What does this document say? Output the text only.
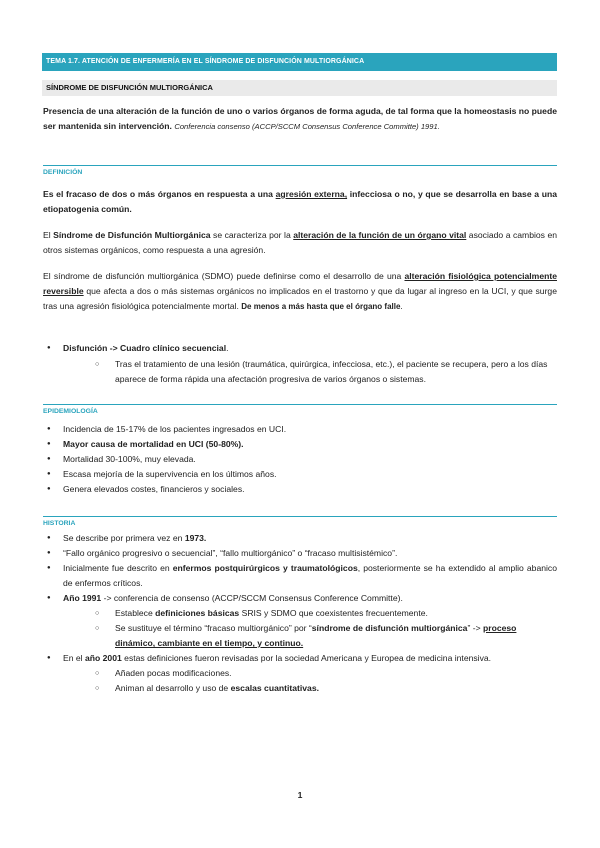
TEMA 1.7. ATENCIÓN DE ENFERMERÍA EN EL SÍNDROME DE DISFUNCIÓN MULTIORGÁNICA
SÍNDROME DE DISFUNCIÓN MULTIORGÁNICA
Presencia de una alteración de la función de uno o varios órganos de forma aguda, de tal forma que la homeostasis no puede ser mantenida sin intervención. Conferencia consenso (ACCP/SCCM Consensus Conference Committe) 1991.
DEFINICIÓN
Es el fracaso de dos o más órganos en respuesta a una agresión externa, infecciosa o no, y que se desarrolla en base a una etiopatogenia común.
El Síndrome de Disfunción Multiorgánica se caracteriza por la alteración de la función de un órgano vital asociado a cambios en otros sistemas orgánicos, como respuesta a una agresión.
El síndrome de disfunción multiorgánica (SDMO) puede definirse como el desarrollo de una alteración fisiológica potencialmente reversible que afecta a dos o más sistemas orgánicos no implicados en el trastorno y que da lugar al ingreso en la UCI, y que surge tras una agresión fisiológica potencialmente mortal. De menos a más hasta que el órgano falle.
● Disfunción -> Cuadro clínico secuencial.
○ Tras el tratamiento de una lesión (traumática, quirúrgica, infecciosa, etc.), el paciente se recupera, pero a los días aparece de forma rápida una afectación progresiva de varios órganos o sistemas.
EPIDEMIOLOGÍA
● Incidencia de 15-17% de los pacientes ingresados en UCI.
● Mayor causa de mortalidad en UCI (50-80%).
● Mortalidad 30-100%, muy elevada.
● Escasa mejoría de la supervivencia en los últimos años.
● Genera elevados costes, financieros y sociales.
HISTORIA
● Se describe por primera vez en 1973.
● “Fallo orgánico progresivo o secuencial”, “fallo multiorgánico” o “fracaso multisistémico”.
● Inicialmente fue descrito en enfermos postquirúrgicos y traumatológicos, posteriormente se ha extendido al amplio abanico de enfermos críticos.
● Año 1991 -> conferencia de consenso (ACCP/SCCM Consensus Conference Committe).
○ Establece definiciones básicas SRIS y SDMO que coexistentes frecuentemente.
○ Se sustituye el término “fracaso multiorgánico” por “síndrome de disfunción multiorgánica” -> proceso dinámico, cambiante en el tiempo, y continuo.
● En el año 2001 estas definiciones fueron revisadas por la sociedad Americana y Europea de medicina intensiva.
○ Añaden pocas modificaciones.
○ Animan al desarrollo y uso de escalas cuantitativas.
1
